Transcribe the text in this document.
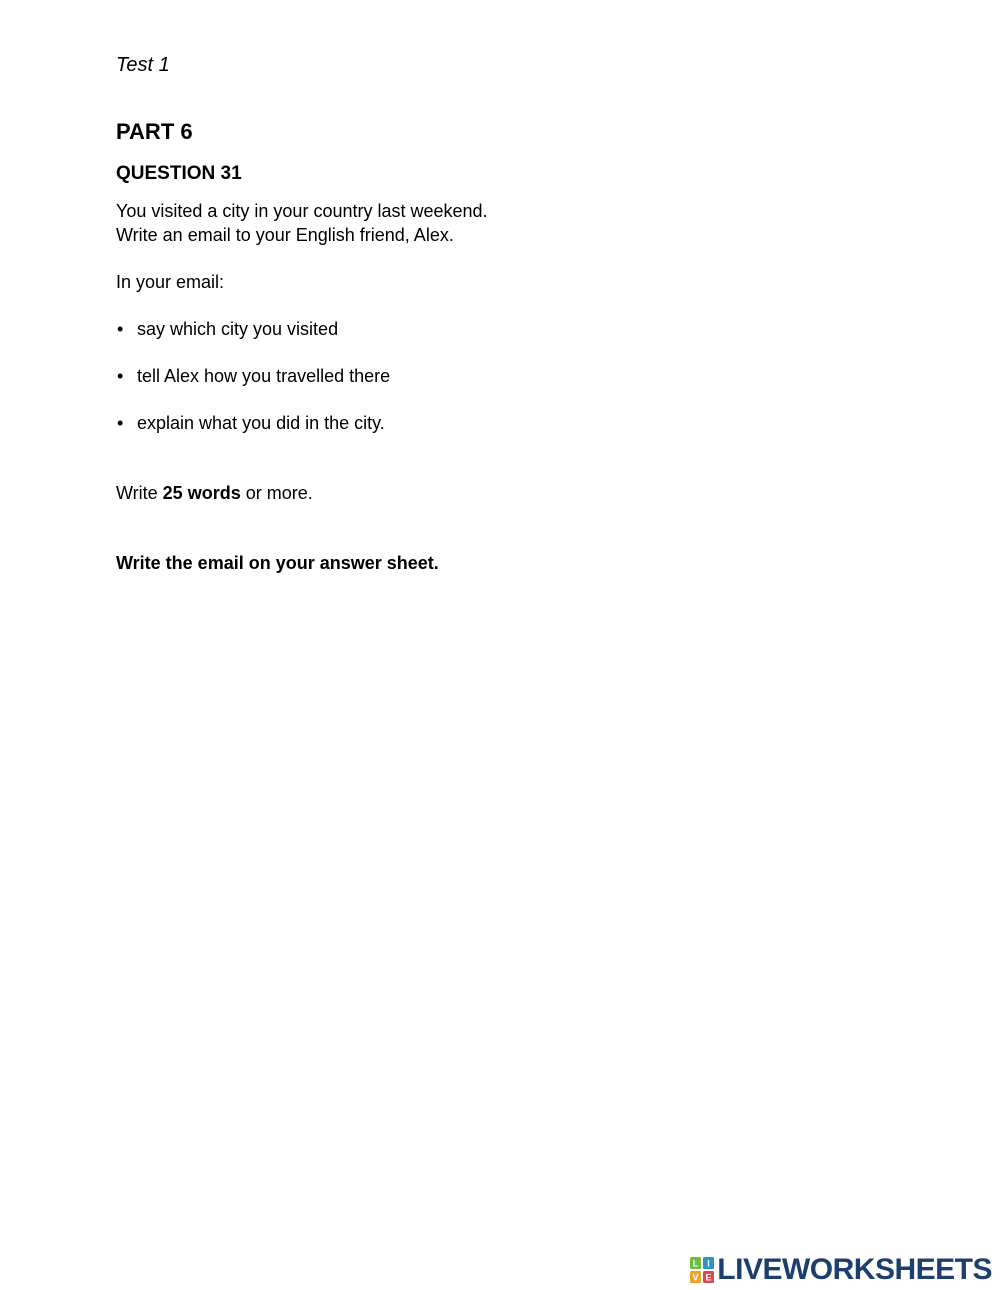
Test 1
PART 6
QUESTION 31
You visited a city in your country last weekend.
Write an email to your English friend, Alex.
In your email:
• say which city you visited
• tell Alex how you travelled there
• explain what you did in the city.
Write 25 words or more.
Write the email on your answer sheet.
L I
V E LIVEWORKSHEETS
